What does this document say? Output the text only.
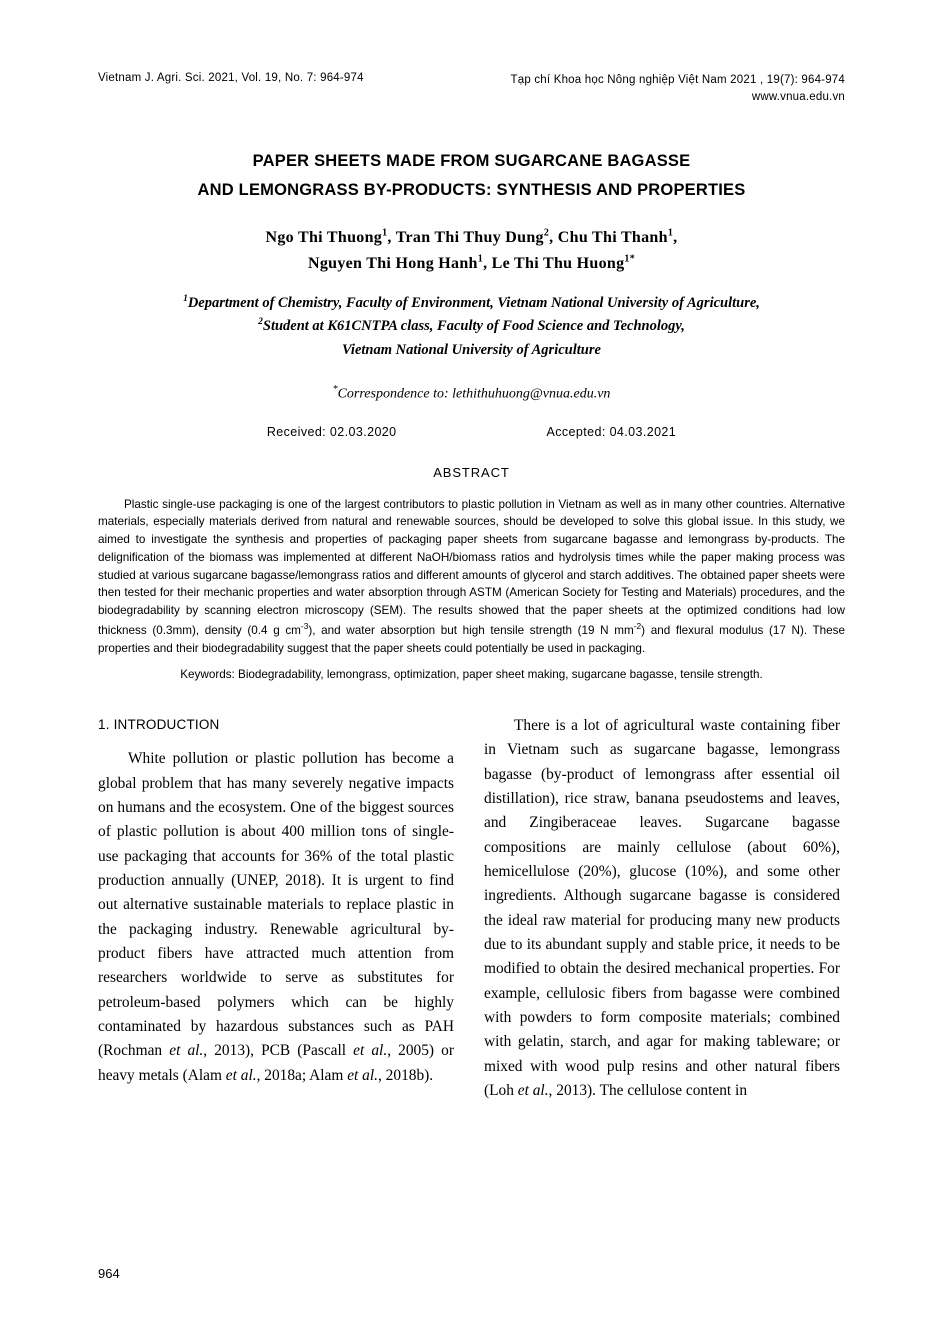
Vietnam J. Agri. Sci. 2021, Vol. 19, No. 7: 964-974	Tạp chí Khoa học Nông nghiệp Việt Nam 2021 , 19(7): 964-974
www.vnua.edu.vn
PAPER SHEETS MADE FROM SUGARCANE BAGASSE
AND LEMONGRASS BY-PRODUCTS: SYNTHESIS AND PROPERTIES
Ngo Thi Thuong$^1$, Tran Thi Thuy Dung$^2$, Chu Thi Thanh$^1$,
Nguyen Thi Hong Hanh$^1$, Le Thi Thu Huong$^{1*}$
$^1$Department of Chemistry, Faculty of Environment, Vietnam National University of Agriculture,
$^2$Student at K61CNTPA class, Faculty of Food Science and Technology,
Vietnam National University of Agriculture
*Correspondence to: lethithuhuong@vnua.edu.vn
Received: 02.03.2020	Accepted: 04.03.2021
ABSTRACT
Plastic single-use packaging is one of the largest contributors to plastic pollution in Vietnam as well as in many other countries. Alternative materials, especially materials derived from natural and renewable sources, should be developed to solve this global issue. In this study, we aimed to investigate the synthesis and properties of packaging paper sheets from sugarcane bagasse and lemongrass by-products. The delignification of the biomass was implemented at different NaOH/biomass ratios and hydrolysis times while the paper making process was studied at various sugarcane bagasse/lemongrass ratios and different amounts of glycerol and starch additives. The obtained paper sheets were then tested for their mechanic properties and water absorption through ASTM (American Society for Testing and Materials) procedures, and the biodegradability by scanning electron microscopy (SEM). The results showed that the paper sheets at the optimized conditions had low thickness (0.3mm), density (0.4 g $cm^{-3}$), and water absorption but high tensile strength (19 N $mm^{-2}$) and flexural modulus (17 N). These properties and their biodegradability suggest that the paper sheets could potentially be used in packaging.
Keywords: Biodegradability, lemongrass, optimization, paper sheet making, sugarcane bagasse, tensile strength.
1. INTRODUCTION

White pollution or plastic pollution has become a global problem that has many severely negative impacts on humans and the ecosystem. One of the biggest sources of plastic pollution is about 400 million tons of single-use packaging that accounts for 36% of the total plastic production annually (UNEP, 2018). It is urgent to find out alternative sustainable materials to replace plastic in the packaging industry. Renewable agricultural by-product fibers have attracted much attention from researchers worldwide to serve as substitutes for petroleum-based polymers which can be highly contaminated by hazardous substances such as PAH (Rochman et al., 2013), PCB (Pascall et al., 2005) or heavy metals (Alam et al., 2018a; Alam et al., 2018b).

There is a lot of agricultural waste containing fiber in Vietnam such as sugarcane bagasse, lemongrass bagasse (by-product of lemongrass after essential oil distillation), rice straw, banana pseudostems and leaves, and Zingiberaceae leaves. Sugarcane bagasse compositions are mainly cellulose (about 60%), hemicellulose (20%), glucose (10%), and some other ingredients. Although sugarcane bagasse is considered the ideal raw material for producing many new products due to its abundant supply and stable price, it needs to be modified to obtain the desired mechanical properties. For example, cellulosic fibers from bagasse were combined with powders to form composite materials; combined with gelatin, starch, and agar for making tableware; or mixed with wood pulp resins and other natural fibers (Loh et al., 2013). The cellulose content in

964
